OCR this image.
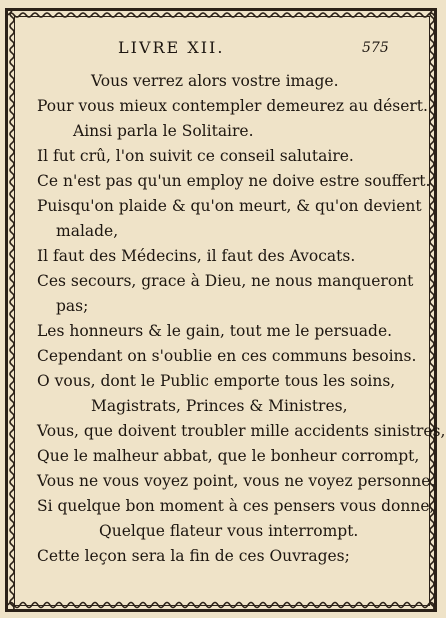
LIVRE XII.	575
Vous verrez alors vostre image.
Pour vous mieux contempler demeurez au désert.
Ainsi parla le Solitaire.
Il fut crû, l'on suivit ce conseil salutaire.
Ce n'est pas qu'un employ ne doive estre souffert.
Puisqu'on plaide & qu'on meurt, & qu'on devient
malade,
Il faut des Médecins, il faut des Avocats.
Ces secours, grace à Dieu, ne nous manqueront
pas;
Les honneurs & le gain, tout me le persuade.
Cependant on s'oublie en ces communs besoins.
O vous, dont le Public emporte tous les soins,
Magistrats, Princes & Ministres,
Vous, que doivent troubler mille accidents sinistres,
Que le malheur abbat, que le bonheur corrompt,
Vous ne vous voyez point, vous ne voyez personne.
Si quelque bon moment à ces pensers vous donne,
Quelque flateur vous interrompt.
Cette leçon sera la fin de ces Ouvrages;
